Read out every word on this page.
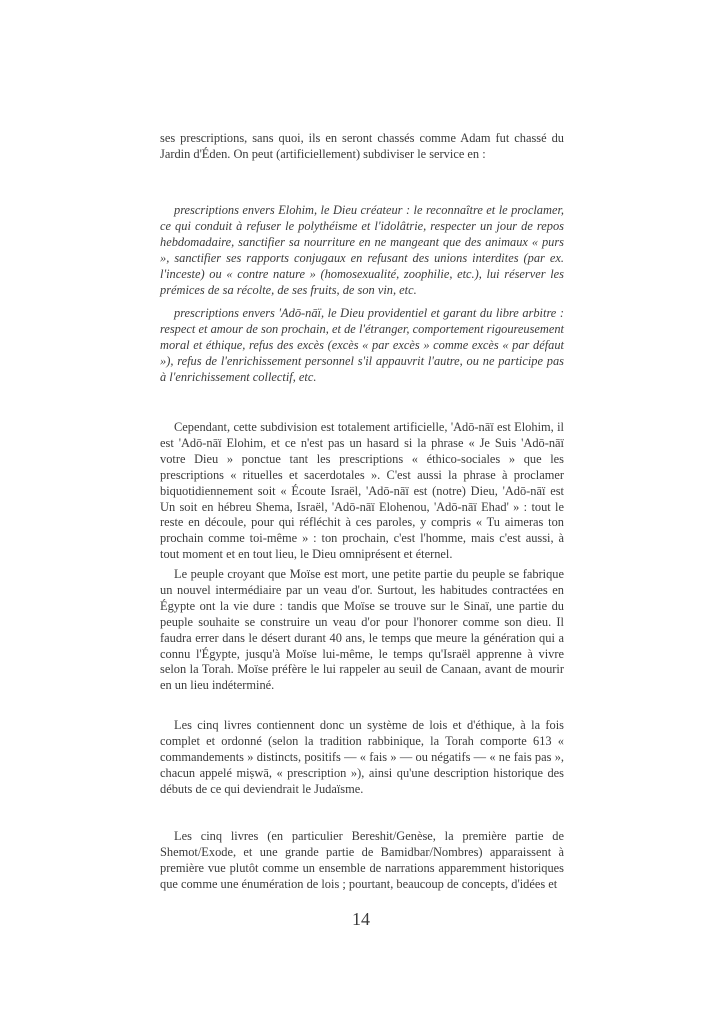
ses prescriptions, sans quoi, ils en seront chassés comme Adam fut chassé du Jardin d'Éden. On peut (artificiellement) subdiviser le service en :

prescriptions envers Elohim, le Dieu créateur : le reconnaître et le proclamer, ce qui conduit à refuser le polythéisme et l'idolâtrie, respecter un jour de repos hebdomadaire, sanctifier sa nourriture en ne mangeant que des animaux « purs », sanctifier ses rapports conjugaux en refusant des unions interdites (par ex. l'inceste) ou « contre nature » (homosexualité, zoophilie, etc.), lui réserver les prémices de sa récolte, de ses fruits, de son vin, etc.

prescriptions envers 'Adō-nāï, le Dieu providentiel et garant du libre arbitre : respect et amour de son prochain, et de l'étranger, comportement rigoureusement moral et éthique, refus des excès (excès « par excès » comme excès « par défaut »), refus de l'enrichissement personnel s'il appauvrit l'autre, ou ne participe pas à l'enrichissement collectif, etc.

Cependant, cette subdivision est totalement artificielle, 'Adō-nāï est Elohim, il est 'Adō-nāï Elohim, et ce n'est pas un hasard si la phrase « Je Suis 'Adō-nāï votre Dieu » ponctue tant les prescriptions « éthico-sociales » que les prescriptions « rituelles et sacerdotales ». C'est aussi la phrase à proclamer biquotidiennement soit « Écoute Israël, 'Adō-nāï est (notre) Dieu, 'Adō-nāï est Un soit en hébreu Shema, Israël, 'Adō-nāï Elohenou, 'Adō-nāï Ehad' » : tout le reste en découle, pour qui réfléchit à ces paroles, y compris « Tu aimeras ton prochain comme toi-même » : ton prochain, c'est l'homme, mais c'est aussi, à tout moment et en tout lieu, le Dieu omniprésent et éternel.

Le peuple croyant que Moïse est mort, une petite partie du peuple se fabrique un nouvel intermédiaire par un veau d'or. Surtout, les habitudes contractées en Égypte ont la vie dure : tandis que Moïse se trouve sur le Sinaï, une partie du peuple souhaite se construire un veau d'or pour l'honorer comme son dieu. Il faudra errer dans le désert durant 40 ans, le temps que meure la génération qui a connu l'Égypte, jusqu'à Moïse lui-même, le temps qu'Israël apprenne à vivre selon la Torah. Moïse préfère le lui rappeler au seuil de Canaan, avant de mourir en un lieu indéterminé.

Les cinq livres contiennent donc un système de lois et d'éthique, à la fois complet et ordonné (selon la tradition rabbinique, la Torah comporte 613 « commandements » distincts, positifs — « fais » — ou négatifs — « ne fais pas », chacun appelé miṣwā, « prescription »), ainsi qu'une description historique des débuts de ce qui deviendrait le Judaïsme.

Les cinq livres (en particulier Bereshit/Genèse, la première partie de Shemot/Exode, et une grande partie de Bamidbar/Nombres) apparaissent à première vue plutôt comme un ensemble de narrations apparemment historiques que comme une énumération de lois ; pourtant, beaucoup de concepts, d'idées et

14
